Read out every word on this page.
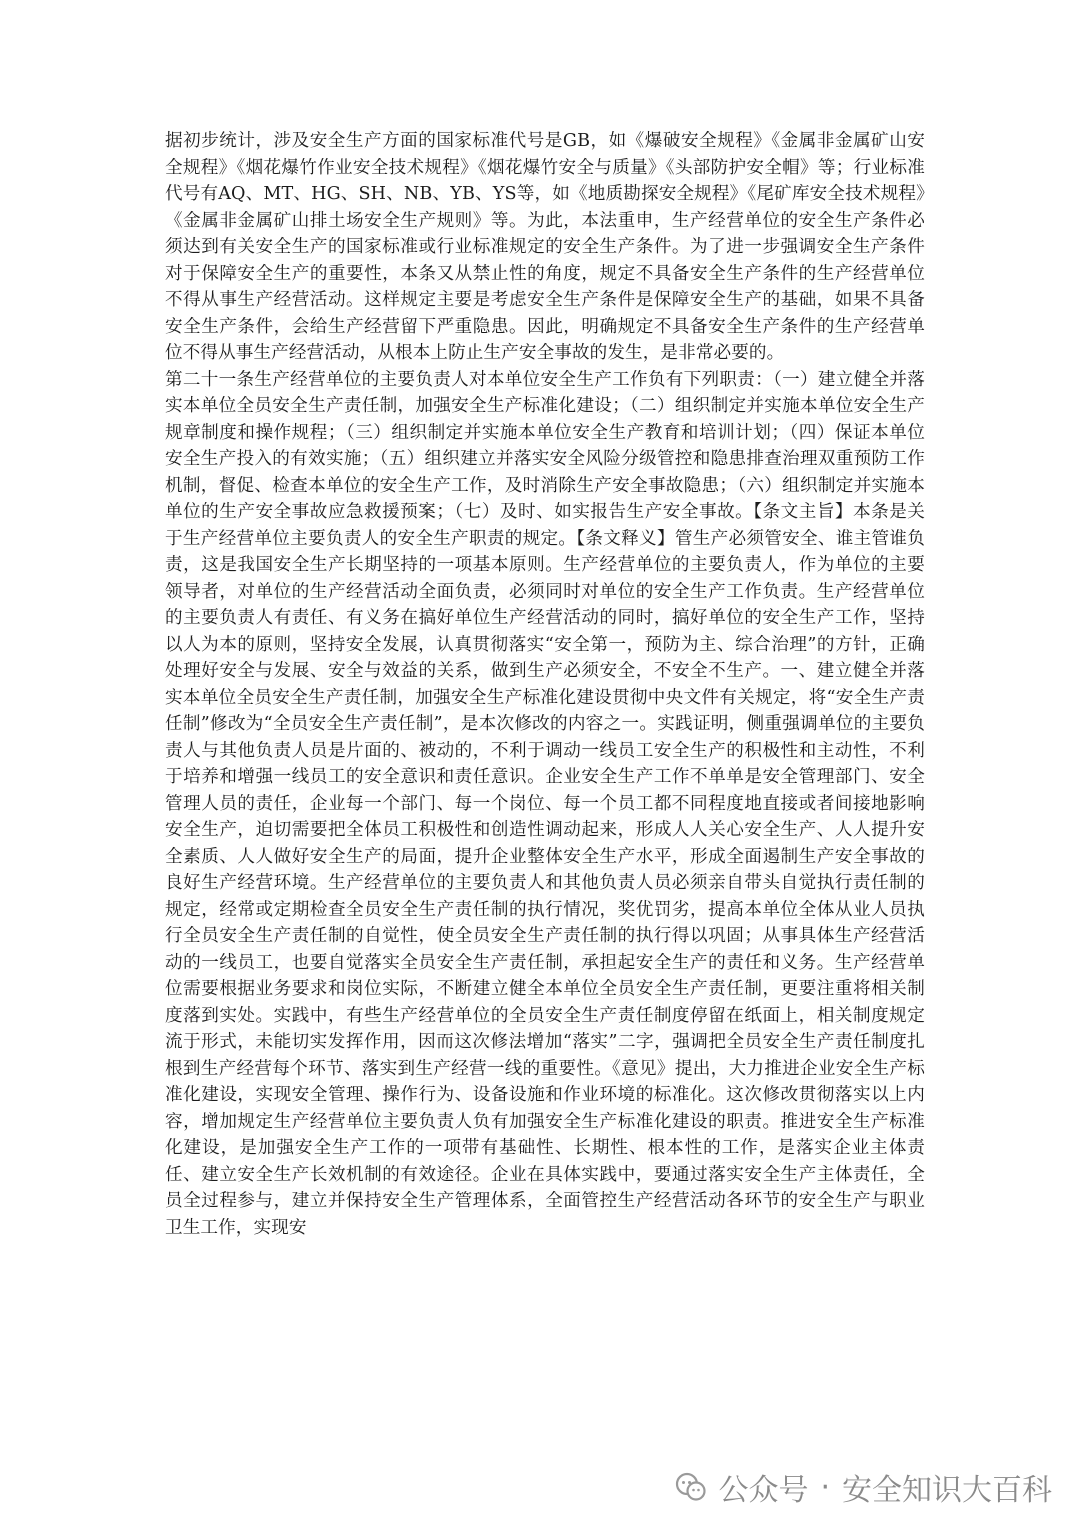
据初步统计，涉及安全生产方面的国家标准代号是GB，如《爆破安全规程》《金属非金属矿山安全规程》《烟花爆竹作业安全技术规程》《烟花爆竹安全与质量》《头部防护安全帽》等；行业标准代号有AQ、MT、HG、SH、NB、YB、YS等，如《地质勘探安全规程》《尾矿库安全技术规程》《金属非金属矿山排土场安全生产规则》等。为此，本法重申，生产经营单位的安全生产条件必须达到有关安全生产的国家标准或行业标准规定的安全生产条件。为了进一步强调安全生产条件对于保障安全生产的重要性，本条又从禁止性的角度，规定不具备安全生产条件的生产经营单位不得从事生产经营活动。这样规定主要是考虑安全生产条件是保障安全生产的基础，如果不具备安全生产条件，会给生产经营留下严重隐患。因此，明确规定不具备安全生产条件的生产经营单位不得从事生产经营活动，从根本上防止生产安全事故的发生，是非常必要的。

第二十一条生产经营单位的主要负责人对本单位安全生产工作负有下列职责：（一）建立健全并落实本单位全员安全生产责任制，加强安全生产标准化建设；（二）组织制定并实施本单位安全生产规章制度和操作规程；（三）组织制定并实施本单位安全生产教育和培训计划；（四）保证本单位安全生产投入的有效实施；（五）组织建立并落实安全风险分级管控和隐患排查治理双重预防工作机制，督促、检查本单位的安全生产工作，及时消除生产安全事故隐患；（六）组织制定并实施本单位的生产安全事故应急救援预案；（七）及时、如实报告生产安全事故。【条文主旨】本条是关于生产经营单位主要负责人的安全生产职责的规定。【条文释义】管生产必须管安全、谁主管谁负责，这是我国安全生产长期坚持的一项基本原则。生产经营单位的主要负责人，作为单位的主要领导者，对单位的生产经营活动全面负责，必须同时对单位的安全生产工作负责。生产经营单位的主要负责人有责任、有义务在搞好单位生产经营活动的同时，搞好单位的安全生产工作，坚持以人为本的原则，坚持安全发展，认真贯彻落实“安全第一，预防为主、综合治理”的方针，正确处理好安全与发展、安全与效益的关系，做到生产必须安全，不安全不生产。一、建立健全并落实本单位全员安全生产责任制，加强安全生产标准化建设贯彻中央文件有关规定，将“安全生产责任制”修改为“全员安全生产责任制”，是本次修改的内容之一。实践证明，侧重强调单位的主要负责人与其他负责人员是片面的、被动的，不利于调动一线员工安全生产的积极性和主动性，不利于培养和增强一线员工的安全意识和责任意识。企业安全生产工作不单单是安全管理部门、安全管理人员的责任，企业每一个部门、每一个岗位、每一个员工都不同程度地直接或者间接地影响安全生产，迫切需要把全体员工积极性和创造性调动起来，形成人人关心安全生产、人人提升安全素质、人人做好安全生产的局面，提升企业整体安全生产水平，形成全面遏制生产安全事故的良好生产经营环境。生产经营单位的主要负责人和其他负责人员必须亲自带头自觉执行责任制的规定，经常或定期检查全员安全生产责任制的执行情况，奖优罚劣，提高本单位全体从业人员执行全员安全生产责任制的自觉性，使全员安全生产责任制的执行得以巩固；从事具体生产经营活动的一线员工，也要自觉落实全员安全生产责任制，承担起安全生产的责任和义务。生产经营单位需要根据业务要求和岗位实际，不断建立健全本单位全员安全生产责任制，更要注重将相关制度落到实处。实践中，有些生产经营单位的全员安全生产责任制度停留在纸面上，相关制度规定流于形式，未能切实发挥作用，因而这次修法增加“落实”二字，强调把全员安全生产责任制度扎根到生产经营每个环节、落实到生产经营一线的重要性。《意见》提出，大力推进企业安全生产标准化建设，实现安全管理、操作行为、设备设施和作业环境的标准化。这次修改贯彻落实以上内容，增加规定生产经营单位主要负责人负有加强安全生产标准化建设的职责。推进安全生产标准化建设，是加强安全生产工作的一项带有基础性、长期性、根本性的工作，是落实企业主体责任、建立安全生产长效机制的有效途径。企业在具体实践中，要通过落实安全生产主体责任，全员全过程参与，建立并保持安全生产管理体系，全面管控生产经营活动各环节的安全生产与职业卫生工作，实现安

公众号 · 安全知识大百科
